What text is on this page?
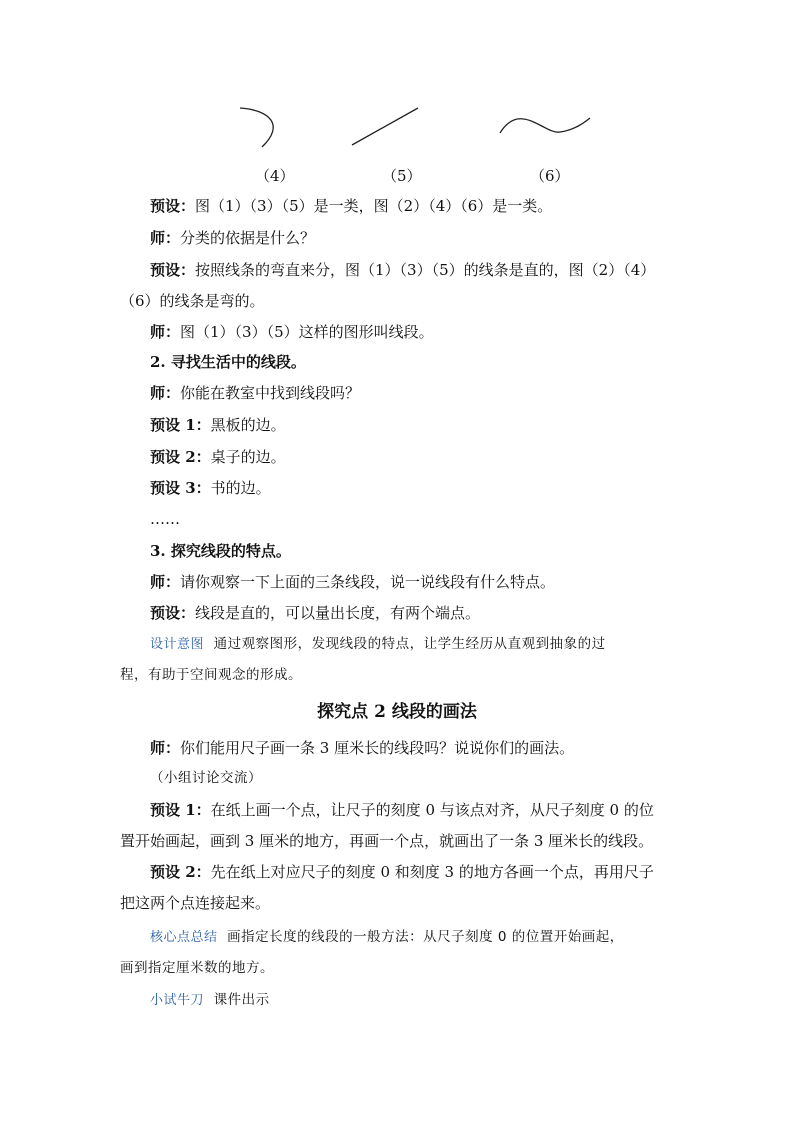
（4）	（5）	（6）
预设：图（1）（3）（5）是一类，图（2）（4）（6）是一类。
师：分类的依据是什么？
预设：按照线条的弯直来分，图（1）（3）（5）的线条是直的，图（2）（4）
（6）的线条是弯的。
师：图（1）（3）（5）这样的图形叫线段。
2. 寻找生活中的线段。
师：你能在教室中找到线段吗？
预设 1：黑板的边。
预设 2：桌子的边。
预设 3：书的边。
……
3. 探究线段的特点。
师：请你观察一下上面的三条线段，说一说线段有什么特点。
预设：线段是直的，可以量出长度，有两个端点。
设计意图 通过观察图形，发现线段的特点，让学生经历从直观到抽象的过
程，有助于空间观念的形成。
探究点 2 线段的画法
师：你们能用尺子画一条 3 厘米长的线段吗？说说你们的画法。
（小组讨论交流）
预设 1：在纸上画一个点，让尺子的刻度 0 与该点对齐，从尺子刻度 0 的位
置开始画起，画到 3 厘米的地方，再画一个点，就画出了一条 3 厘米长的线段。
预设 2：先在纸上对应尺子的刻度 0 和刻度 3 的地方各画一个点，再用尺子
把这两个点连接起来。
核心点总结 画指定长度的线段的一般方法：从尺子刻度 0 的位置开始画起，
画到指定厘米数的地方。
小试牛刀 课件出示
